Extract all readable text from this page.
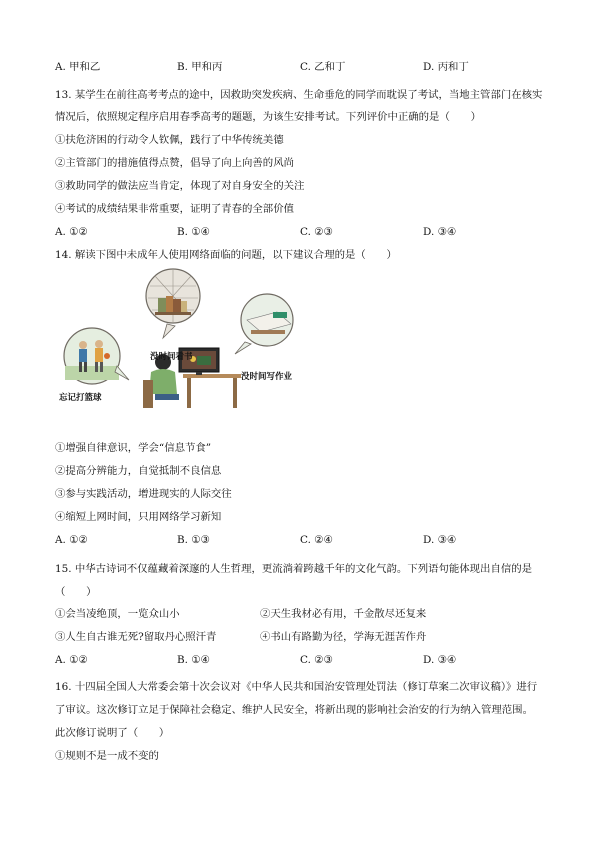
A. 甲和乙	B. 甲和丙	C. 乙和丁	D. 丙和丁
13. 某学生在前往高考考点的途中，因救助突发疾病、生命垂危的同学而耽误了考试，当地主管部门在核实
情况后，依照规定程序启用春季高考的题题，为该生安排考试。下列评价中正确的是（　　）
①扶危济困的行动令人钦佩，践行了中华传统美德
②主管部门的措施值得点赞，倡导了向上向善的风尚
③救助同学的做法应当肯定，体现了对自身安全的关注
④考试的成绩结果非常重要，证明了青春的全部价值
A. ①②	B. ①④	C. ②③	D. ③④
14. 解读下图中未成年人使用网络面临的问题，以下建议合理的是（　　）
没时间看书
没时间写作业
忘记打篮球
①增强自律意识，学会“信息节食”
②提高分辨能力，自觉抵制不良信息
③参与实践活动，增进现实的人际交往
④缩短上网时间，只用网络学习新知
A. ①②	B. ①③	C. ②④	D. ③④
15. 中华古诗词不仅蕴藏着深邃的人生哲理，更流淌着跨越千年的文化气韵。下列语句能体现出自信的是
（　　）
①会当凌绝顶，一览众山小	②天生我材必有用，千金散尽还复来
③人生自古谁无死?留取丹心照汗青	④书山有路勤为径，学海无涯苦作舟
A. ①②	B. ①④	C. ②③	D. ③④
16. 十四届全国人大常委会第十次会议对《中华人民共和国治安管理处罚法（修订草案二次审议稿）》进行
了审议。这次修订立足于保障社会稳定、维护人民安全，将新出现的影响社会治安的行为纳入管理范围。
此次修订说明了（　　）
①规则不是一成不变的
